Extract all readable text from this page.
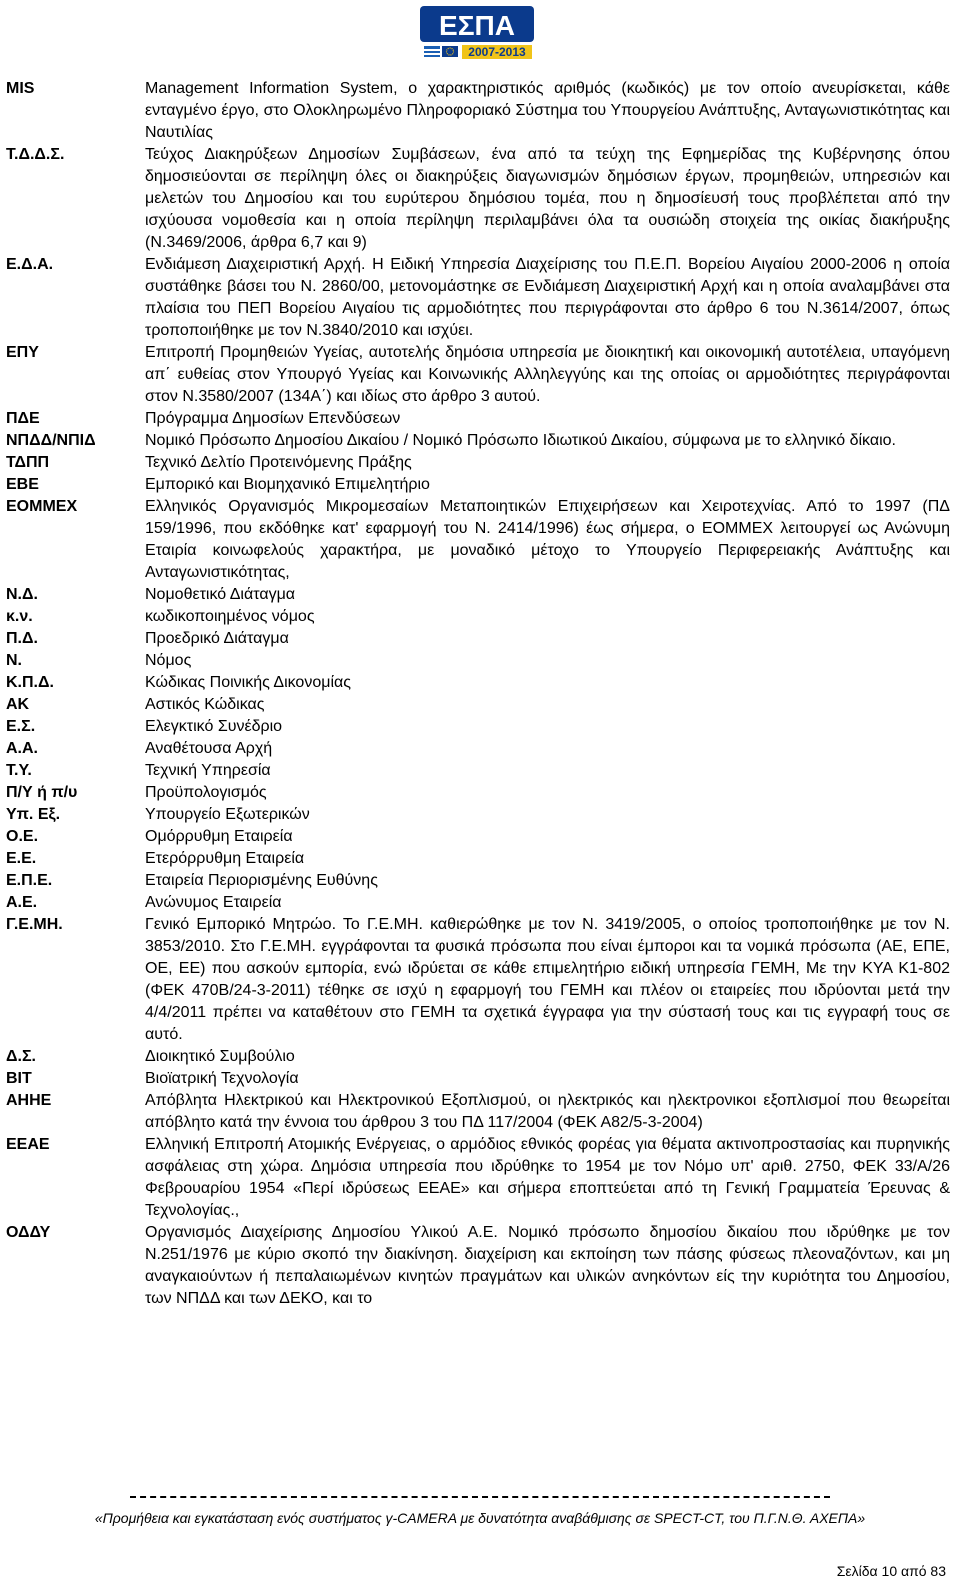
ΕΣΠΑ
2007-2013
MIS	Management Information System, ο χαρακτηριστικός αριθμός (κωδικός) με τον οποίο ανευρίσκεται, κάθε ενταγμένο έργο, στο Ολοκληρωμένο Πληροφοριακό Σύστημα του Υπουργείου Ανάπτυξης, Ανταγωνιστικότητας και Ναυτιλίας
Τ.Δ.Δ.Σ.	Τεύχος Διακηρύξεων Δημοσίων Συμβάσεων, ένα από τα τεύχη της Εφημερίδας της Κυβέρνησης όπου δημοσιεύονται σε περίληψη όλες οι διακηρύξεις διαγωνισμών δημόσιων έργων, προμηθειών, υπηρεσιών και μελετών του Δημοσίου και του ευρύτερου δημόσιου τομέα, που η δημοσίευσή τους προβλέπεται από την ισχύουσα νομοθεσία και η οποία περίληψη περιλαμβάνει όλα τα ουσιώδη στοιχεία της οικίας διακήρυξης (Ν.3469/2006, άρθρα 6,7 και 9)
Ε.Δ.Α.	Ενδιάμεση Διαχειριστική Αρχή. Η Ειδική Υπηρεσία Διαχείρισης του Π.Ε.Π. Βορείου Αιγαίου 2000-2006 η οποία συστάθηκε βάσει του Ν. 2860/00, μετονομάστηκε σε Ενδιάμεση Διαχειριστική Αρχή και η οποία αναλαμβάνει στα πλαίσια του ΠΕΠ Βορείου Αιγαίου τις αρμοδιότητες που περιγράφονται στο άρθρο 6 του Ν.3614/2007, όπως τροποποιήθηκε με τον Ν.3840/2010 και ισχύει.
ΕΠΥ	Επιτροπή Προμηθειών Υγείας, αυτοτελής δημόσια υπηρεσία με διοικητική και οικονομική αυτοτέλεια, υπαγόμενη απ΄ ευθείας στον Υπουργό Υγείας και Κοινωνικής Αλληλεγγύης και της οποίας οι αρμοδιότητες περιγράφονται στον Ν.3580/2007 (134Α΄) και ιδίως στο άρθρο 3 αυτού.
ΠΔΕ	Πρόγραμμα Δημοσίων Επενδύσεων
ΝΠΔΔ/ΝΠΙΔ	Νομικό Πρόσωπο Δημοσίου Δικαίου / Νομικό Πρόσωπο Ιδιωτικού Δικαίου, σύμφωνα με το ελληνικό δίκαιο.
ΤΔΠΠ	Τεχνικό Δελτίο Προτεινόμενης Πράξης
ΕΒΕ	Εμπορικό και Βιομηχανικό Επιμελητήριο
ΕΟΜΜΕΧ	Ελληνικός Οργανισμός Μικρομεσαίων Μεταποιητικών Επιχειρήσεων και Χειροτεχνίας. Από το 1997 (ΠΔ 159/1996, που εκδόθηκε κατ' εφαρμογή του Ν. 2414/1996) έως σήμερα, ο ΕΟΜΜΕΧ λειτουργεί ως Ανώνυμη Εταιρία κοινωφελούς χαρακτήρα, με μοναδικό μέτοχο το Υπουργείο Περιφερειακής Ανάπτυξης και Ανταγωνιστικότητας,
Ν.Δ.	Νομοθετικό Διάταγμα
κ.ν.	κωδικοποιημένος νόμος
Π.Δ.	Προεδρικό Διάταγμα
Ν.	Νόμος
Κ.Π.Δ.	Κώδικας Ποινικής Δικονομίας
ΑΚ	Αστικός Κώδικας
Ε.Σ.	Ελεγκτικό Συνέδριο
Α.Α.	Αναθέτουσα Αρχή
Τ.Υ.	Τεχνική Υπηρεσία
Π/Υ ή π/υ	Προϋπολογισμός
Υπ. Εξ.	Υπουργείο Εξωτερικών
Ο.Ε.	Ομόρρυθμη Εταιρεία
Ε.Ε.	Ετερόρρυθμη Εταιρεία
Ε.Π.Ε.	Εταιρεία Περιορισμένης Ευθύνης
Α.Ε.	Ανώνυμος Εταιρεία
Γ.Ε.ΜΗ.	Γενικό Εμπορικό Μητρώο. Το Γ.Ε.ΜΗ. καθιερώθηκε με τον Ν. 3419/2005, ο οποίος τροποποιήθηκε με τον Ν. 3853/2010. Στο Γ.Ε.ΜΗ. εγγράφονται τα φυσικά πρόσωπα που είναι έμποροι και τα νομικά πρόσωπα (ΑΕ, ΕΠΕ, ΟΕ, ΕΕ) που ασκούν εμπορία, ενώ ιδρύεται σε κάθε επιμελητήριο ειδική υπηρεσία ΓΕΜΗ, Με την ΚΥΑ Κ1-802 (ΦΕΚ 470Β/24-3-2011) τέθηκε σε ισχύ η εφαρμογή του ΓΕΜΗ και πλέον οι εταιρείες που ιδρύονται μετά την 4/4/2011 πρέπει να καταθέτουν στο ΓΕΜΗ τα σχετικά έγγραφα για την σύστασή τους και τις εγγραφή τους σε αυτό.
Δ.Σ.	Διοικητικό Συμβούλιο
ΒΙΤ	Βιοϊατρική Τεχνολογία
ΑΗΗΕ	Απόβλητα Ηλεκτρικού και Ηλεκτρονικού Εξοπλισμού, οι ηλεκτρικός και ηλεκτρονικοι εξοπλισμοί που θεωρείται απόβλητο κατά την έννοια του άρθρου 3 του ΠΔ 117/2004 (ΦΕΚ Α82/5-3-2004)
ΕΕΑΕ	Ελληνική Επιτροπή Ατομικής Ενέργειας, ο αρμόδιος εθνικός φορέας για θέματα ακτινοπροστασίας και πυρηνικής ασφάλειας στη χώρα. Δημόσια υπηρεσία που ιδρύθηκε το 1954 με τον Νόμο υπ' αριθ. 2750, ΦΕΚ 33/Α/26 Φεβρουαρίου 1954 «Περί ιδρύσεως ΕΕΑΕ» και σήμερα εποπτεύεται από τη Γενική Γραμματεία Έρευνας & Τεχνολογίας.,
ΟΔΔΥ	Οργανισμός Διαχείρισης Δημοσίου Υλικού Α.Ε. Νομικό πρόσωπο δημοσίου δικαίου που ιδρύθηκε με τον Ν.251/1976 με κύριο σκοπό την διακίνηση. διαχείριση και εκποίηση των πάσης φύσεως πλεοναζόντων, και μη αναγκαιούντων ή πεπαλαιωμένων κινητών πραγμάτων και υλικών ανηκόντων είς την κυριότητα του Δημοσίου, των ΝΠΔΔ και των ΔΕΚΟ, και το
«Προμήθεια και εγκατάσταση ενός συστήματος γ-CAMERA με δυνατότητα αναβάθμισης σε SPECT-CT, του Π.Γ.Ν.Θ. ΑΧΕΠΑ»
Σελίδα 10 από 83
